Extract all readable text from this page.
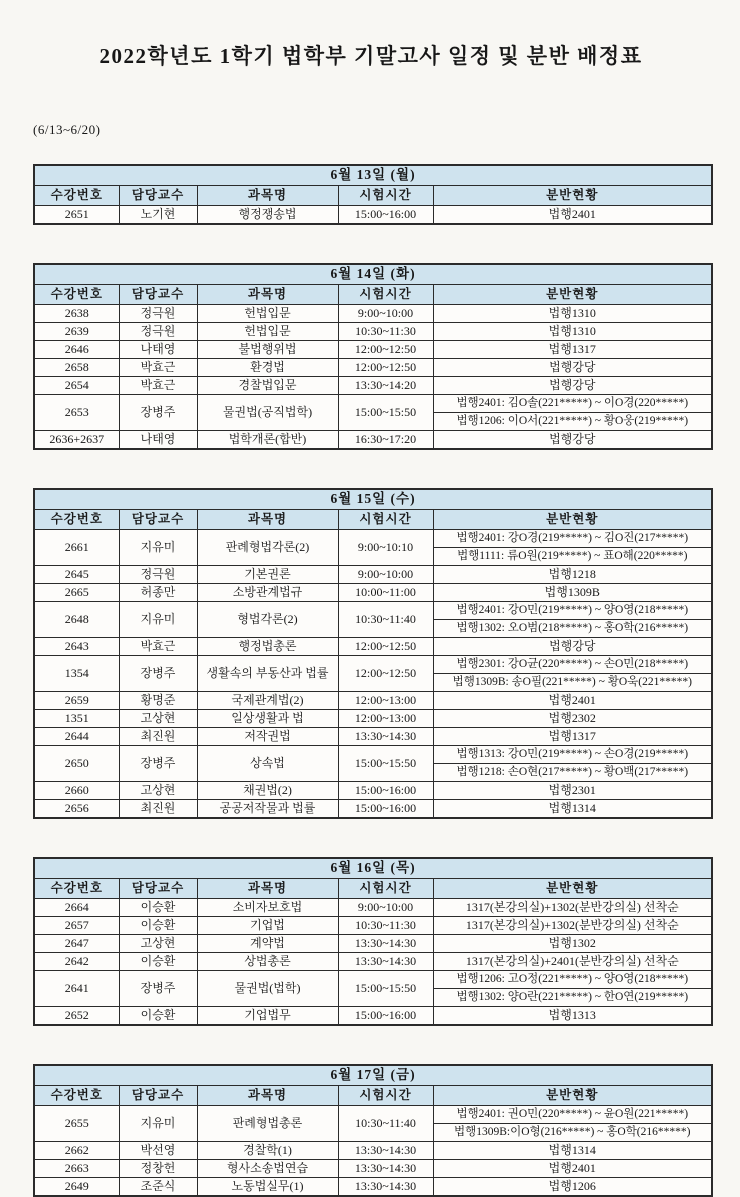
2022학년도 1학기 법학부 기말고사 일정 및 분반 배정표
(6/13~6/20)
6월 13일 (월)				
수강번호	담당교수	과목명	시험시간	분반현황
2651	노기현	행정쟁송법	15:00~16:00	법행2401
6월 14일 (화)				
수강번호	담당교수	과목명	시험시간	분반현황
2638	정극원	헌법입문	9:00~10:00	법행1310
2639	정극원	헌법입문	10:30~11:30	법행1310
2646	나태영	불법행위법	12:00~12:50	법행1317
2658	박효근	환경법	12:00~12:50	법행강당
2654	박효근	경찰법입문	13:30~14:20	법행강당
2653	장병주	물권법(공직법학)	15:00~15:50	법행2401: 김O솔(221*****) ~ 이O경(220*****)
법행1206: 이O서(221*****) ~ 황O웅(219*****)

2636+2637	나태영	법학개론(합반)	16:30~17:20	법행강당
6월 15일 (수)				
수강번호	담당교수	과목명	시험시간	분반현황
2661	지유미	판례형법각론(2)	9:00~10:10	법행2401: 강O경(219*****) ~ 김O진(217*****)
법행1111: 류O원(219*****) ~ 표O해(220*****)

2645	정극원	기본권론	9:00~10:00	법행1218
2665	허종만	소방관계법규	10:00~11:00	법행1309B
2648	지유미	형법각론(2)	10:30~11:40	법행2401: 강O민(219*****) ~ 양O영(218*****)
법행1302: 오O범(218*****) ~ 홍O학(216*****)

2643	박효근	행정법총론	12:00~12:50	법행강당
1354	장병주	생활속의 부동산과 법률	12:00~12:50	법행2301: 강O균(220*****) ~ 손O민(218*****)
법행1309B: 송O필(221*****) ~ 황O욱(221*****)

2659	황명준	국제관계법(2)	12:00~13:00	법행2401
1351	고상현	일상생활과 법	12:00~13:00	법행2302
2644	최진원	저작권법	13:30~14:30	법행1317
2650	장병주	상속법	15:00~15:50	법행1313: 강O민(219*****) ~ 손O경(219*****)
법행1218: 손O현(217*****) ~ 황O백(217*****)

2660	고상현	채권법(2)	15:00~16:00	법행2301
2656	최진원	공공저작물과 법률	15:00~16:00	법행1314
6월 16일 (목)				
수강번호	담당교수	과목명	시험시간	분반현황
2664	이승환	소비자보호법	9:00~10:00	1317(본강의실)+1302(분반강의실) 선착순
2657	이승환	기업법	10:30~11:30	1317(본강의실)+1302(분반강의실) 선착순
2647	고상현	계약법	13:30~14:30	법행1302
2642	이승환	상법총론	13:30~14:30	1317(본강의실)+2401(분반강의실) 선착순
2641	장병주	물권법(법학)	15:00~15:50	법행1206: 고O정(221*****) ~ 양O영(218*****)
법행1302: 양O란(221*****) ~ 한O연(219*****)

2652	이승환	기업법무	15:00~16:00	법행1313
6월 17일 (금)				
수강번호	담당교수	과목명	시험시간	분반현황
2655	지유미	판례형법총론	10:30~11:40	법행2401: 권O민(220*****) ~ 윤O원(221*****)
법행1309B:이O형(216*****) ~ 홍O학(216*****)

2662	박선영	경찰학(1)	13:30~14:30	법행1314
2663	정창헌	형사소송법연습	13:30~14:30	법행2401
2649	조준식	노동법실무(1)	13:30~14:30	법행1206
